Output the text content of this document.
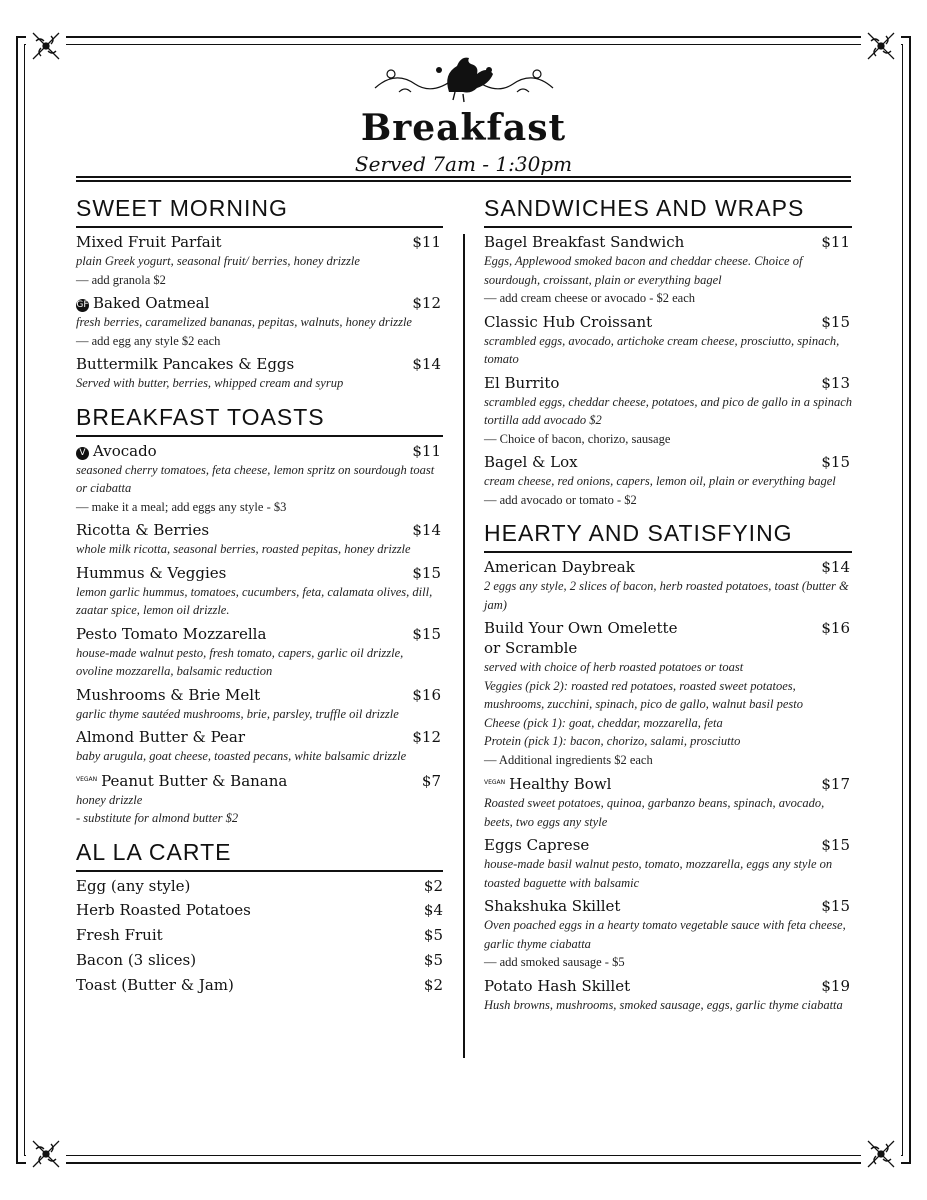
Breakfast
Served 7am - 1:30pm
SWEET MORNING
Mixed Fruit Parfait	$11
plain Greek yogurt, seasonal fruit/ berries, honey drizzle
— add granola $2
GF Baked Oatmeal	$12
fresh berries, caramelized bananas, pepitas, walnuts, honey drizzle
— add egg any style $2 each
Buttermilk Pancakes & Eggs	$14
Served with butter, berries, whipped cream and syrup
BREAKFAST TOASTS
V Avocado	$11
seasoned cherry tomatoes, feta cheese, lemon spritz on sourdough toast or ciabatta
— make it a meal; add eggs any style - $3
Ricotta & Berries	$14
whole milk ricotta, seasonal berries, roasted pepitas, honey drizzle
Hummus & Veggies	$15
lemon garlic hummus, tomatoes, cucumbers, feta, calamata olives, dill, zaatar spice, lemon oil drizzle.
Pesto Tomato Mozzarella	$15
house-made walnut pesto, fresh tomato, capers, garlic oil drizzle, ovoline mozzarella, balsamic reduction
Mushrooms & Brie Melt	$16
garlic thyme sautéed mushrooms, brie, parsley, truffle oil drizzle
Almond Butter & Pear	$12
baby arugula, goat cheese, toasted pecans, white balsamic drizzle
$^{VEGAN}$ Peanut Butter & Banana	$7
honey drizzle
- substitute for almond butter $2
AL LA CARTE
Egg (any style)	$2
Herb Roasted Potatoes	$4
Fresh Fruit	$5
Bacon (3 slices)	$5
Toast (Butter & Jam)	$2
SANDWICHES AND WRAPS
Bagel Breakfast Sandwich	$11
Eggs, Applewood smoked bacon and cheddar cheese. Choice of sourdough, croissant, plain or everything bagel
— add cream cheese or avocado - $2 each
Classic Hub Croissant	$15
scrambled eggs, avocado, artichoke cream cheese, prosciutto, spinach, tomato
El Burrito	$13
scrambled eggs, cheddar cheese, potatoes, and pico de gallo in a spinach tortilla add avocado $2
— Choice of bacon, chorizo, sausage
Bagel & Lox	$15
cream cheese, red onions, capers, lemon oil, plain or everything bagel
— add avocado or tomato - $2
HEARTY AND SATISFYING
American Daybreak	$14
2 eggs any style, 2 slices of bacon, herb roasted potatoes, toast (butter & jam)
Build Your Own Omelette	$16
or Scramble
served with choice of herb roasted potatoes or toast
Veggies (pick 2): roasted red potatoes, roasted sweet potatoes, mushrooms, zucchini, spinach, pico de gallo, walnut basil pesto
Cheese (pick 1): goat, cheddar, mozzarella, feta
Protein (pick 1): bacon, chorizo, salami, prosciutto
— Additional ingredients $2 each
$^{VEGAN}$ Healthy Bowl	$17
Roasted sweet potatoes, quinoa, garbanzo beans, spinach, avocado, beets, two eggs any style
Eggs Caprese	$15
house-made basil walnut pesto, tomato, mozzarella, eggs any style on toasted baguette with balsamic
Shakshuka Skillet	$15
Oven poached eggs in a hearty tomato vegetable sauce with feta cheese, garlic thyme ciabatta
— add smoked sausage - $5
Potato Hash Skillet	$19
Hush browns, mushrooms, smoked sausage, eggs, garlic thyme ciabatta
